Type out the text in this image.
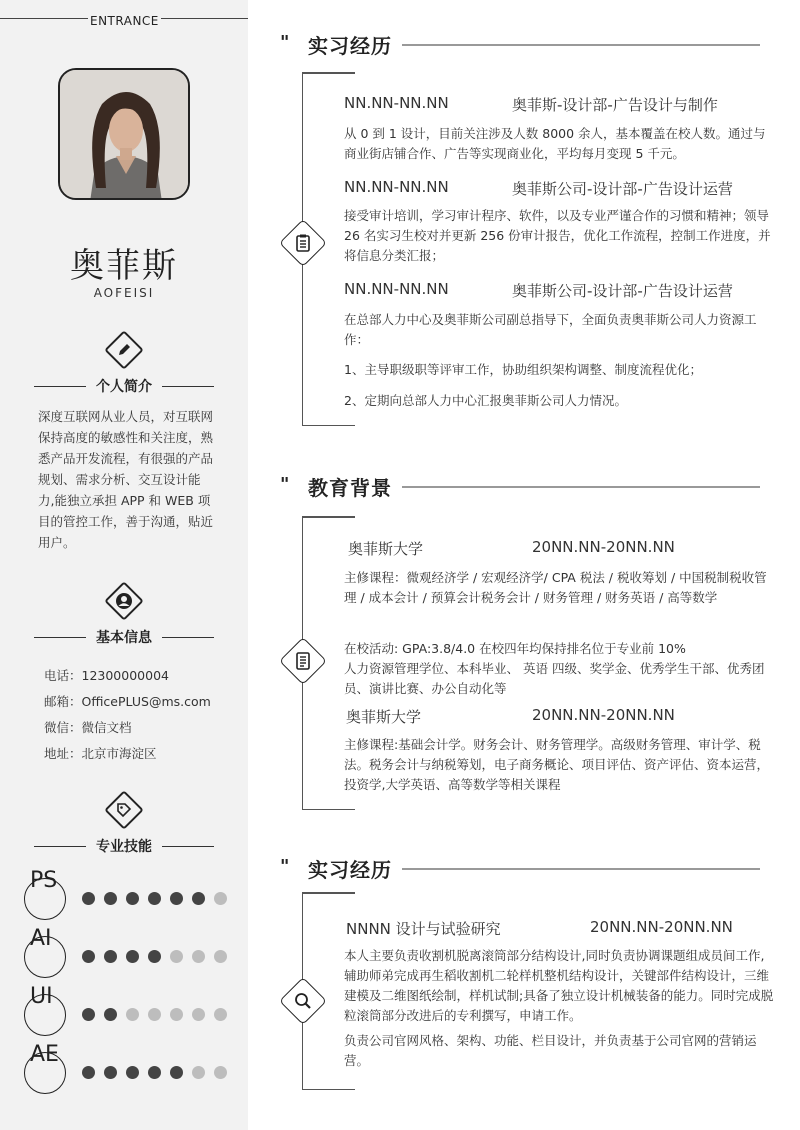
ENTRANCE
奥菲斯
AOFEISI
个人简介
深度互联网从业人员，对互联网保持高度的敏感性和关注度，熟悉产品开发流程，有很强的产品规划、需求分析、交互设计能力,能独立承担 APP 和 WEB 项目的管控工作，善于沟通，贴近用户。
基本信息
电话：12300000004
邮箱：OfficePLUS@ms.com
微信：微信文档
地址：北京市海淀区
专业技能
PS
AI
UI
AE
" 实习经历
NN.NN-NN.NN	奥菲斯-设计部-广告设计与制作
从 0 到 1 设计，目前关注涉及人数 8000 余人，基本覆盖在校人数。通过与商业街店铺合作、广告等实现商业化，平均每月变现 5 千元。
NN.NN-NN.NN	奥菲斯公司-设计部-广告设计运营
接受审计培训，学习审计程序、软件，以及专业严谨合作的习惯和精神；领导 26 名实习生校对并更新 256 份审计报告，优化工作流程，控制工作进度，并将信息分类汇报；
NN.NN-NN.NN	奥菲斯公司-设计部-广告设计运营
在总部人力中心及奥菲斯公司副总指导下，全面负责奥菲斯公司人力资源工作：
1、主导职级职等评审工作，协助组织架构调整、制度流程优化；
2、定期向总部人力中心汇报奥菲斯公司人力情况。
" 教育背景
奥菲斯大学	20NN.NN-20NN.NN
主修课程：微观经济学 / 宏观经济学/ CPA 税法 / 税收筹划 / 中国税制税收管理 / 成本会计 / 预算会计税务会计 / 财务管理 / 财务英语 / 高等数学
在校活动: GPA:3.8/4.0 在校四年均保持排名位于专业前 10%
人力资源管理学位、本科毕业、 英语 四级、奖学金、优秀学生干部、优秀团员、演讲比赛、办公自动化等
奥菲斯大学	20NN.NN-20NN.NN
主修课程:基础会计学。财务会计、财务管理学。高级财务管理、审计学、税法。税务会计与纳税筹划，电子商务概论、项目评估、资产评估、资本运营，投资学,大学英语、高等数学等相关课程
" 实习经历
NNNN 设计与试验研究	20NN.NN-20NN.NN
本人主要负责收割机脱离滚筒部分结构设计,同时负责协调课题组成员间工作,辅助师弟完成再生稻收割机二轮样机整机结构设计，关键部件结构设计，三维建模及二维图纸绘制，样机试制;具备了独立设计机械装备的能力。同时完成脱粒滚筒部分改进后的专利撰写，申请工作。
负责公司官网风格、架构、功能、栏目设计，并负责基于公司官网的营销运营。
